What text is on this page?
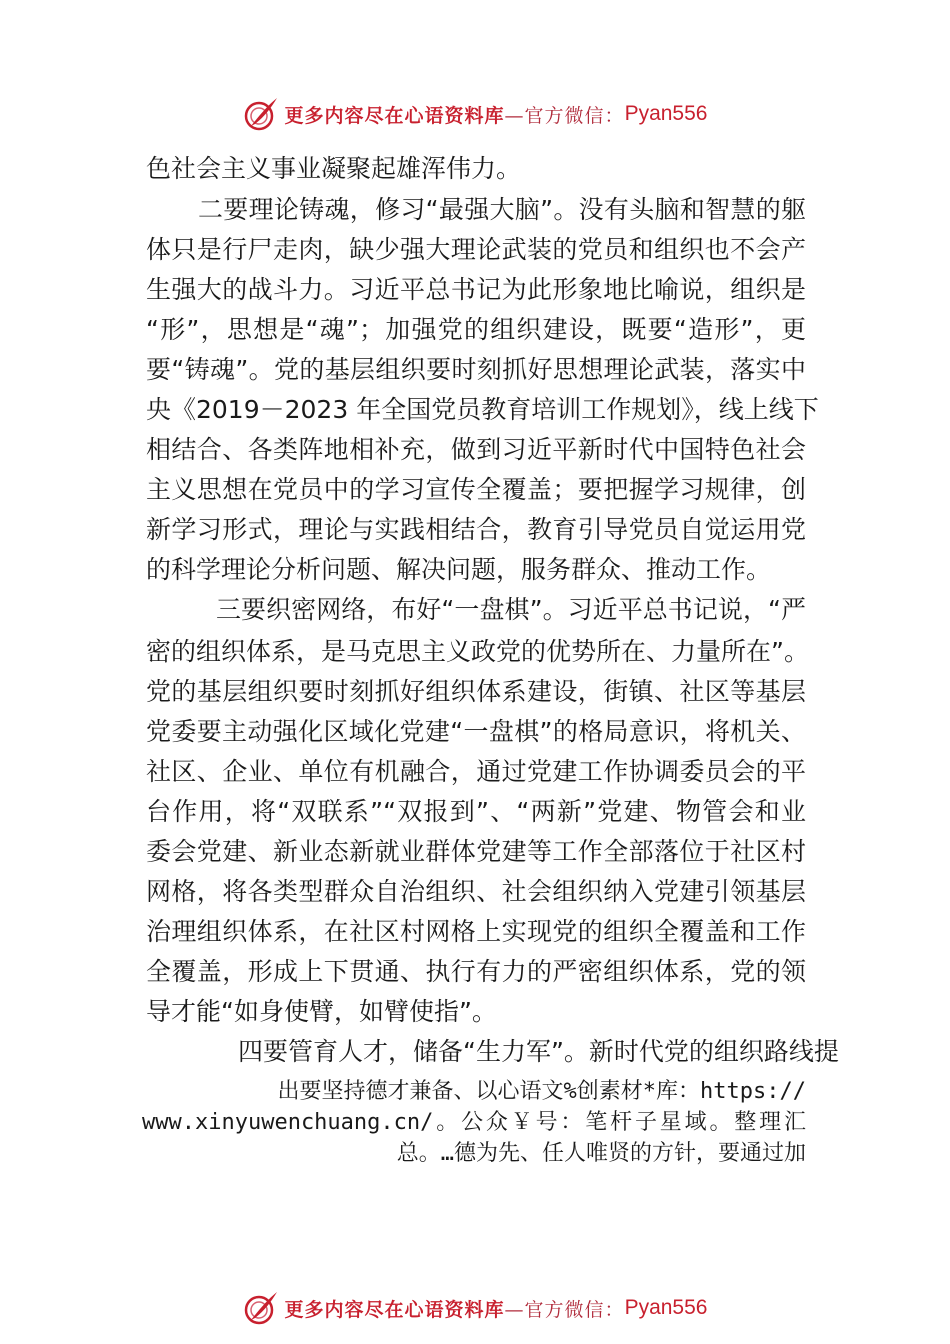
更多内容尽在心语资料库 —官方微信： Pyan556
色社会主义事业凝聚起雄浑伟力。
二要理论铸魂，修习“最强大脑”。没有头脑和智慧的躯
体只是行尸走肉，缺少强大理论武装的党员和组织也不会产
生强大的战斗力。习近平总书记为此形象地比喻说，组织是
“形”，思想是“魂”；加强党的组织建设，既要“造形”，更
要“铸魂”。党的基层组织要时刻抓好思想理论武装，落实中
央《2019－2023 年全国党员教育培训工作规划》，线上线下
相结合、各类阵地相补充，做到习近平新时代中国特色社会
主义思想在党员中的学习宣传全覆盖；要把握学习规律，创
新学习形式，理论与实践相结合，教育引导党员自觉运用党
的科学理论分析问题、解决问题，服务群众、推动工作。
三要织密网络，布好“一盘棋”。习近平总书记说，“严
密的组织体系，是马克思主义政党的优势所在、力量所在”。
党的基层组织要时刻抓好组织体系建设，街镇、社区等基层
党委要主动强化区域化党建“一盘棋”的格局意识，将机关、
社区、企业、单位有机融合，通过党建工作协调委员会的平
台作用，将“双联系”“双报到”、“两新”党建、物管会和业
委会党建、新业态新就业群体党建等工作全部落位于社区村
网格，将各类型群众自治组织、社会组织纳入党建引领基层
治理组织体系，在社区村网格上实现党的组织全覆盖和工作
全覆盖，形成上下贯通、执行有力的严密组织体系，党的领
导才能“如身使臂，如臂使指”。
四要管育人才，储备“生力军”。新时代党的组织路线提
出要坚持德才兼备、以心语文%创素材*库：https://
www.xinyuwenchuang.cn/。公众￥号：笔杆子星域。整理汇
总。…德为先、任人唯贤的方针，要通过加
更多内容尽在心语资料库 —官方微信： Pyan556
